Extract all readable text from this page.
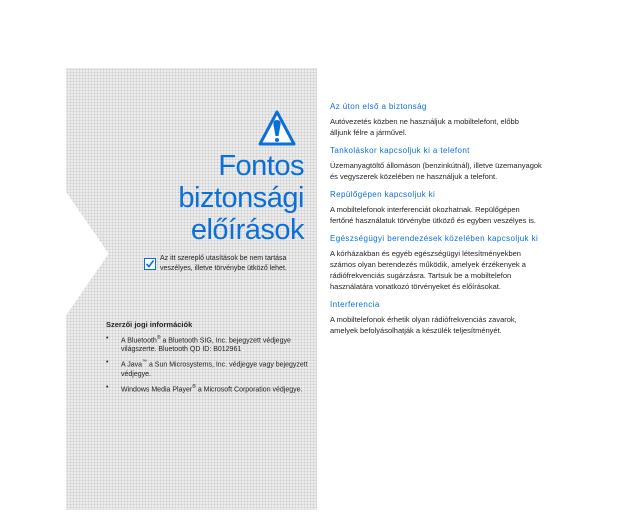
Fontos
biztonsági
előírások
Az itt szereplő utasítások be nem tartása veszélyes, illetve törvénybe ütköző lehet.
Szerzői jogi információk
• A Bluetooth® a Bluetooth SIG, Inc. bejegyzett védjegye világszerte. Bluetooth QD ID: B012961
• A Java™ a Sun Microsystems, Inc. védjegye vagy bejegyzett védjegye.
• Windows Media Player® a Microsoft Corporation védjegye.
Az úton első a biztonság

Autóvezetés közben ne használjuk a mobiltelefont, előbb álljunk félre a járművel.

Tankoláskor kapcsoljuk ki a telefont

Üzemanyagtöltő állomáson (benzinkútnál), illetve üzemanyagok és vegyszerek közelében ne használjuk a telefont.

Repülőgépen kapcsoljuk ki

A mobiltelefonok interferenciát okozhatnak. Repülőgépen fertőné használatuk törvénybe ütköző és egyben veszélyes is.

Egészségügyi berendezések közelében kapcsoljuk ki

A kórházakban és egyéb egészségügyi létesítményekben számos olyan berendezés működik, amelyek érzékenyek a rádiófrekvenciás sugárzásra. Tartsuk be a mobiltelefon használatára vonatkozó törvényeket és előírásokat.

Interferencia

A mobiltelefonok érhetik olyan rádiófrekvenciás zavarok, amelyek befolyásolhatják a készülék teljesítményét.
